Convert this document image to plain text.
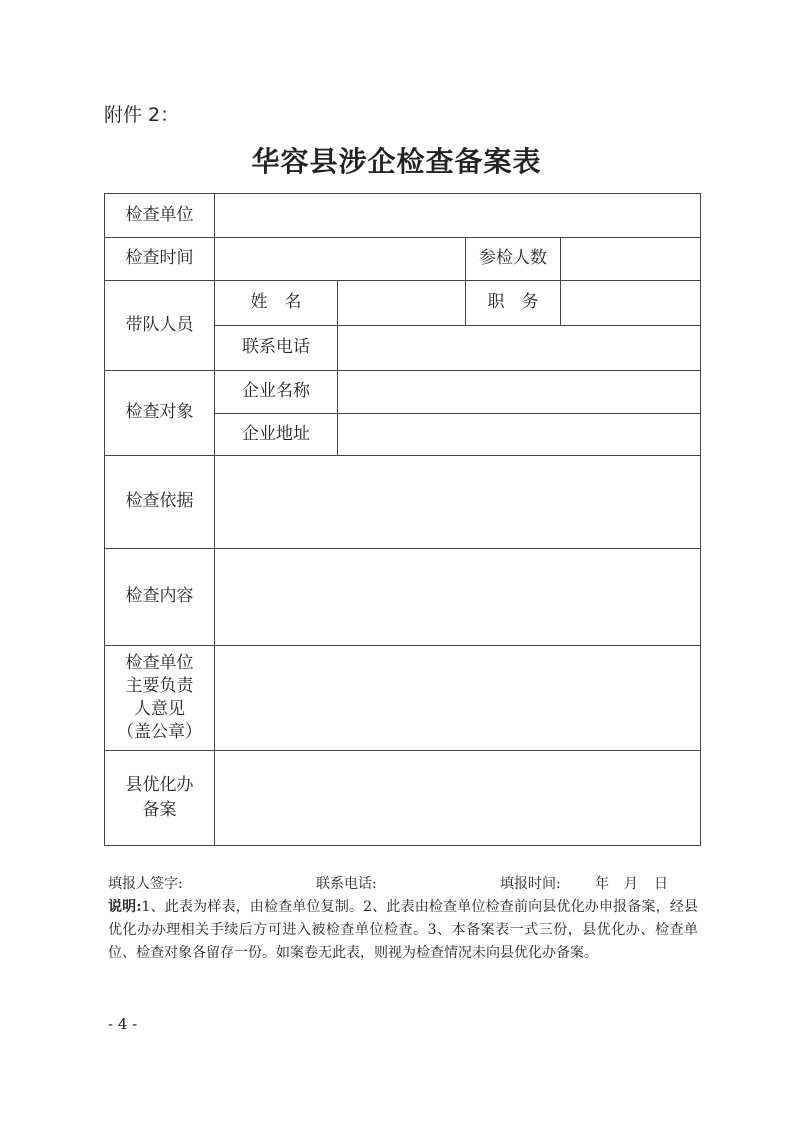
附件 2：
华容县涉企检查备案表
检查单位				
检查时间			参检人数	
带队人员	姓　名		职　务	
	联系电话			
检查对象	企业名称			
	企业地址			
检查依据				
检查内容				

检查单位
主要负责
人意见
（盖公章）				

县优化办
备案				

填报人签字:	联系电话:	填报时间: 年 月 日
说明:1、此表为样表，由检查单位复制。2、此表由检查单位检查前向县优化办申报备案，经县优化办办理相关手续后方可进入被检查单位检查。3、本备案表一式三份，县优化办、检查单位、检查对象各留存一份。如案卷无此表，则视为检查情况未向县优化办备案。
- 4 -
